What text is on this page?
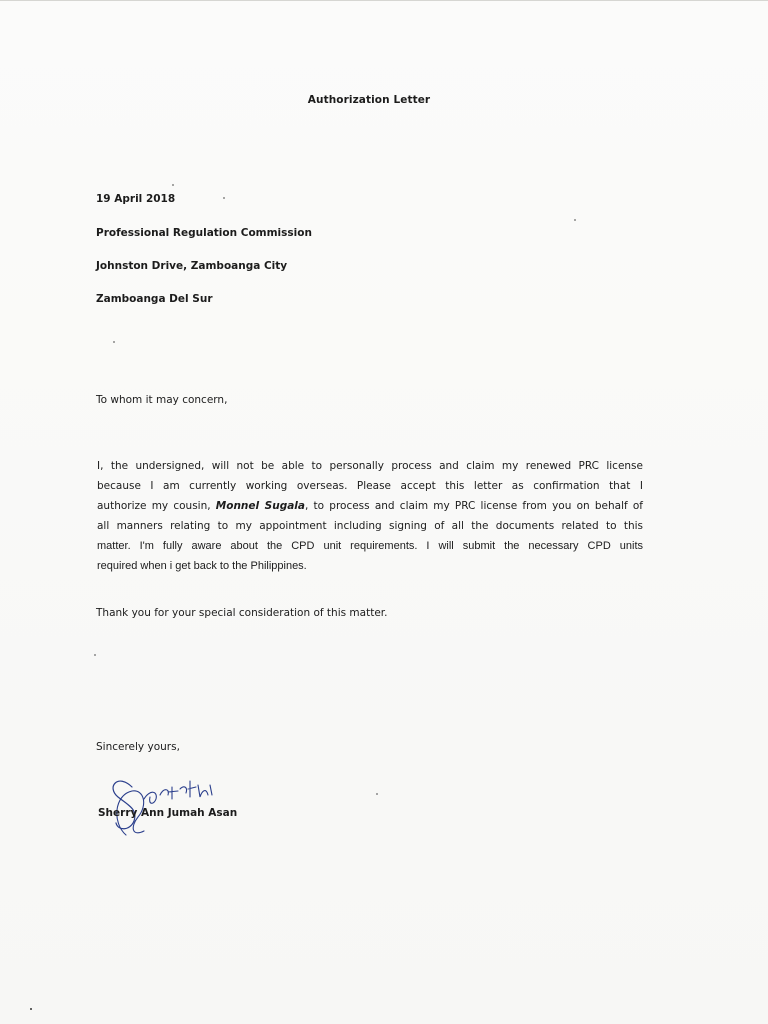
Authorization Letter
19 April 2018
Professional Regulation Commission
Johnston Drive, Zamboanga City
Zamboanga Del Sur
To whom it may concern,
I, the undersigned, will not be able to personally process and claim my renewed PRC license
because I am currently working overseas. Please accept this letter as confirmation that I
authorize my cousin, Monnel Sugala, to process and claim my PRC license from you on behalf of
all manners relating to my appointment including signing of all the documents related to this
matter. I'm fully aware about the CPD unit requirements. I will submit the necessary CPD units
required when i get back to the Philippines.
Thank you for your special consideration of this matter.
Sincerely yours,
Sherry Ann Jumah Asan
